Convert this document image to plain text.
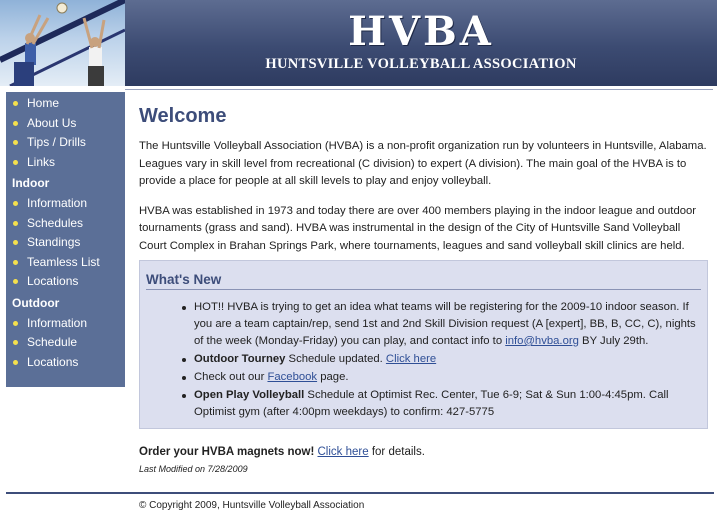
HVBA
HUNTSVILLE VOLLEYBALL ASSOCIATION
Home
About Us
Tips / Drills
Links
Indoor
Information
Schedules
Standings
Teamless List
Locations
Outdoor
Information
Schedule
Locations
Welcome

The Huntsville Volleyball Association (HVBA) is a non-profit organization run by volunteers in Huntsville, Alabama. Leagues vary in skill level from recreational (C division) to expert (A division). The main goal of the HVBA is to provide a place for people at all skill levels to play and enjoy volleyball.

HVBA was established in 1973 and today there are over 400 members playing in the indoor league and outdoor tournaments (grass and sand). HVBA was instrumental in the design of the City of Huntsville Sand Volleyball Court Complex in Brahan Springs Park, where tournaments, leagues and sand volleyball skill clinics are held.

What's New
HOT!! HVBA is trying to get an idea what teams will be registering for the 2009-10 indoor season. If you are a team captain/rep, send 1st and 2nd Skill Division request (A [expert], BB, B, CC, C), nights of the week (Monday-Friday) you can play, and contact info to info@hvba.org BY July 29th.
Outdoor Tourney Schedule updated. Click here
Check out our Facebook page.
Open Play Volleyball Schedule at Optimist Rec. Center, Tue 6-9; Sat & Sun 1:00-4:45pm. Call Optimist gym (after 4:00pm weekdays) to confirm: 427-5775
Order your HVBA magnets now! Click here for details.
Last Modified on 7/28/2009
© Copyright 2009, Huntsville Volleyball Association
